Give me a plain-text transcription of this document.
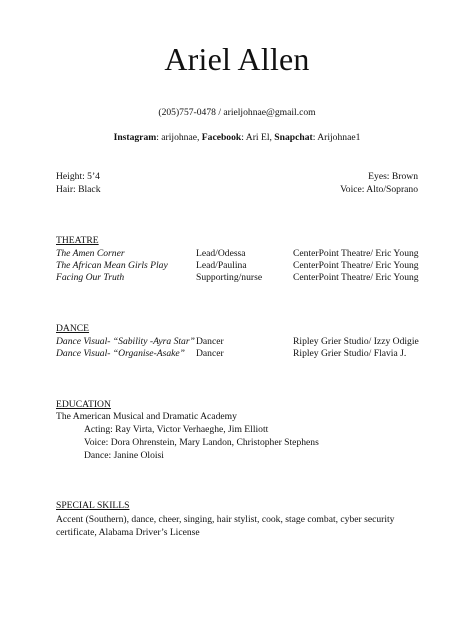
Ariel Allen
(205)757-0478 / arieljohnae@gmail.com
Instagram: arijohnae, Facebook: Ari El, Snapchat: Arijohnae1
Height: 5’4	Eyes: Brown
Hair: Black	Voice: Alto/Soprano
THEATRE
The Amen Corner	Lead/Odessa	CenterPoint Theatre/ Eric Young
The African Mean Girls Play	Lead/Paulina	CenterPoint Theatre/ Eric Young
Facing Our Truth	Supporting/nurse	CenterPoint Theatre/ Eric Young
DANCE
Dance Visual- “Sability -Ayra Star” Dancer	Ripley Grier Studio/ Izzy Odigie
Dance Visual- “Organise-Asake” Dancer	Ripley Grier Studio/ Flavia J.
EDUCATION
The American Musical and Dramatic Academy
Acting: Ray Virta, Victor Verhaeghe, Jim Elliott
Voice: Dora Ohrenstein, Mary Landon, Christopher Stephens
Dance: Janine Oloisi
SPECIAL SKILLS
Accent (Southern), dance, cheer, singing, hair stylist, cook, stage combat, cyber security certificate, Alabama Driver’s License
